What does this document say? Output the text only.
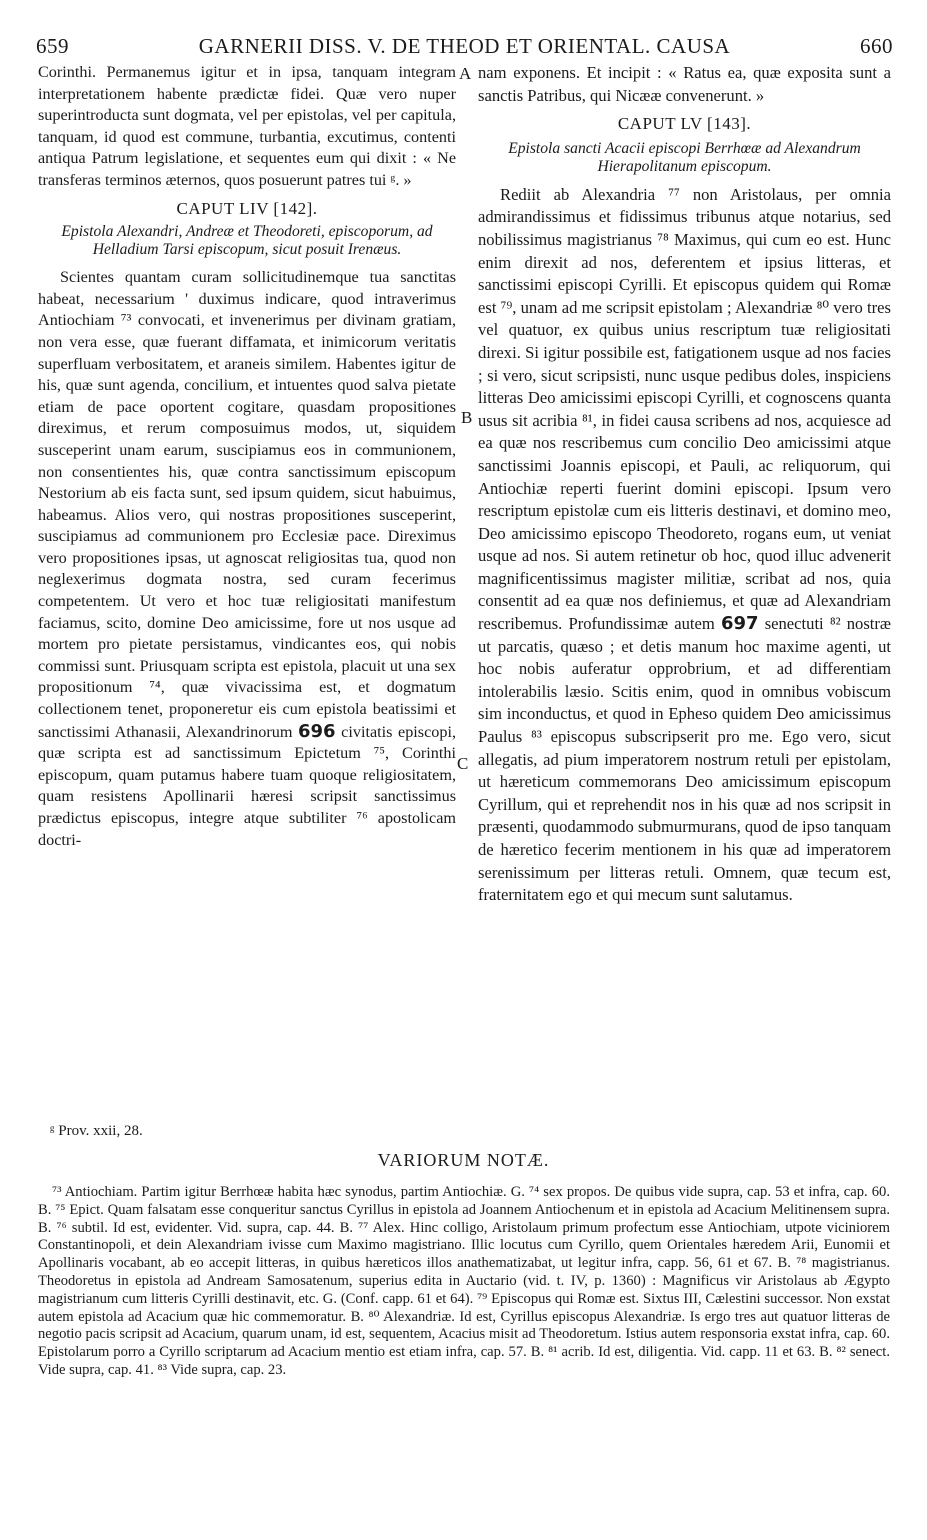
659	GARNERII DISS. V. DE THEOD ET ORIENTAL. CAUSA	660

Corinthi. Permanemus igitur et in ipsa, tanquam integram interpretationem habente prædictæ fidei. Quæ vero nuper superintroducta sunt dogmata, vel per epistolas, vel per capitula, tanquam, id quod est commune, turbantia, excutimus, contenti antiqua Patrum legislatione, et sequentes eum qui dixit : « Ne transferas terminos æternos, quos posuerunt patres tui ᵍ. »

CAPUT LIV [142].
Epistola Alexandri, Andreæ et Theodoreti, episcoporum, ad Helladium Tarsi episcopum, sicut posuit Irenæus.

Scientes quantam curam sollicitudinemque tua sanctitas habeat, necessarium ' duximus indicare, quod intraverimus Antiochiam ⁷³ convocati, et invenerimus per divinam gratiam, non vera esse, quæ fuerant diffamata, et inimicorum veritatis superfluam verbositatem, et araneis similem. Habentes igitur de his, quæ sunt agenda, concilium, et intuentes quod salva pietate etiam de pace oportent cogitare, quasdam propositiones direximus, et rerum composuimus modos, ut, siquidem susceperint unam earum, suscipiamus eos in communionem, non consentientes his, quæ contra sanctissimum episcopum Nestorium ab eis facta sunt, sed ipsum quidem, sicut habuimus, habeamus. Alios vero, qui nostras propositiones susceperint, suscipiamus ad communionem pro Ecclesiæ pace. Direximus vero propositiones ipsas, ut agnoscat religiositas tua, quod non neglexerimus dogmata nostra, sed curam fecerimus competentem. Ut vero et hoc tuæ religiositati manifestum faciamus, scito, domine Deo amicissime, fore ut nos usque ad mortem pro pietate persistamus, vindicantes eos, qui nobis commissi sunt. Priusquam scripta est epistola, placuit ut una sex propositionum ⁷⁴, quæ vivacissima est, et dogmatum collectionem tenet, proponeretur eis cum epistola beatissimi et sanctissimi Athanasii, Alexandrinorum 696 civitatis episcopi, quæ scripta est ad sanctissimum Epictetum ⁷⁵, Corinthi episcopum, quam putamus habere tuam quoque religiositatem, quam resistens Apollinarii hæresi scripsit sanctissimus prædictus episcopus, integre atque subtiliter ⁷⁶ apostolicam doctri-

A
B
C

nam exponens. Et incipit : « Ratus ea, quæ exposita sunt a sanctis Patribus, qui Nicææ convenerunt. »

CAPUT LV [143].
Epistola sancti Acacii episcopi Berrhœæ ad Alexandrum Hierapolitanum episcopum.

Rediit ab Alexandria ⁷⁷ non Aristolaus, per omnia admirandissimus et fidissimus tribunus atque notarius, sed nobilissimus magistrianus ⁷⁸ Maximus, qui cum eo est. Hunc enim direxit ad nos, deferentem et ipsius litteras, et sanctissimi episcopi Cyrilli. Et episcopus quidem qui Romæ est ⁷⁹, unam ad me scripsit epistolam ; Alexandriæ ⁸⁰ vero tres vel quatuor, ex quibus unius rescriptum tuæ religiositati direxi. Si igitur possibile est, fatigationem usque ad nos facies ; si vero, sicut scripsisti, nunc usque pedibus doles, inspiciens litteras Deo amicissimi episcopi Cyrilli, et cognoscens quanta usus sit acribia ⁸¹, in fidei causa scribens ad nos, acquiesce ad ea quæ nos rescribemus cum concilio Deo amicissimi atque sanctissimi Joannis episcopi, et Pauli, ac reliquorum, qui Antiochiæ reperti fuerint domini episcopi. Ipsum vero rescriptum epistolæ cum eis litteris destinavi, et domino meo, Deo amicissimo episcopo Theodoreto, rogans eum, ut veniat usque ad nos. Si autem retinetur ob hoc, quod illuc advenerit magnificentissimus magister militiæ, scribat ad nos, quia consentit ad ea quæ nos definiemus, et quæ ad Alexandriam rescribemus. Profundissimæ autem 697 senectuti ⁸² nostræ ut parcatis, quæso ; et detis manum hoc maxime agenti, ut hoc nobis auferatur opprobrium, et ad differentiam intolerabilis læsio. Scitis enim, quod in omnibus vobiscum sim inconductus, et quod in Epheso quidem Deo amicissimus Paulus ⁸³ episcopus subscripserit pro me. Ego vero, sicut allegatis, ad pium imperatorem nostrum retuli per epistolam, ut hæreticum commemorans Deo amicissimum episcopum Cyrillum, qui et reprehendit nos in his quæ ad nos scripsit in præsenti, quodammodo submurmurans, quod de ipso tanquam de hæretico fecerim mentionem in his quæ ad imperatorem serenissimum per litteras retuli. Omnem, quæ tecum est, fraternitatem ego et qui mecum sunt salutamus.

ᵍ Prov. xxii, 28.
VARIORUM NOTÆ.

⁷³ Antiochiam. Partim igitur Berrhœæ habita hæc synodus, partim Antiochiæ. G. ⁷⁴ sex propos. De quibus vide supra, cap. 53 et infra, cap. 60. B. ⁷⁵ Epict. Quam falsatam esse conqueritur sanctus Cyrillus in epistola ad Joannem Antiochenum et in epistola ad Acacium Melitinensem supra. B. ⁷⁶ subtil. Id est, evidenter. Vid. supra, cap. 44. B. ⁷⁷ Alex. Hinc colligo, Aristolaum primum profectum esse Antiochiam, utpote viciniorem Constantinopoli, et dein Alexandriam ivisse cum Maximo magistriano. Illic locutus cum Cyrillo, quem Orientales hæredem Arii, Eunomii et Apollinaris vocabant, ab eo accepit litteras, in quibus hæreticos illos anathematizabat, ut legitur infra, capp. 56, 61 et 67. B. ⁷⁸ magistrianus. Theodoretus in epistola ad Andream Samosatenum, superius edita in Auctario (vid. t. IV, p. 1360) : Magnificus vir Aristolaus ab Ægypto magistrianum cum litteris Cyrilli destinavit, etc. G. (Conf. capp. 61 et 64). ⁷⁹ Episcopus qui Romæ est. Sixtus III, Cælestini successor. Non exstat autem epistola ad Acacium quæ hic commemoratur. B. ⁸⁰ Alexandriæ. Id est, Cyrillus episcopus Alexandriæ. Is ergo tres aut quatuor litteras de negotio pacis scripsit ad Acacium, quarum unam, id est, sequentem, Acacius misit ad Theodoretum. Istius autem responsoria exstat infra, cap. 60. Epistolarum porro a Cyrillo scriptarum ad Acacium mentio est etiam infra, cap. 57. B. ⁸¹ acrib. Id est, diligentia. Vid. capp. 11 et 63. B. ⁸² senect. Vide supra, cap. 41. ⁸³ Vide supra, cap. 23.
